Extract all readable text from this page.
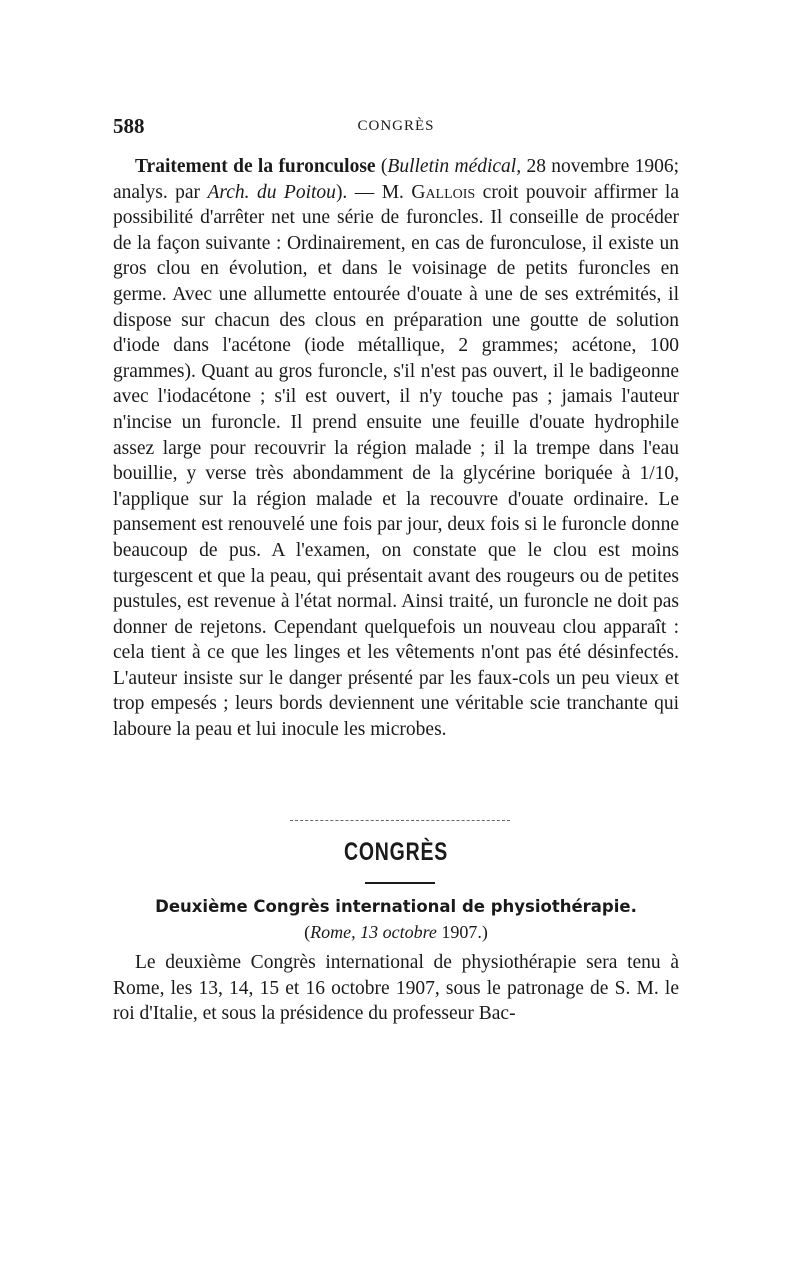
588	CONGRÈS

Traitement de la furonculose (Bulletin médical, 28 novembre 1906; analys. par Arch. du Poitou). — M. Gallois croit pouvoir affirmer la possibilité d'arrêter net une série de furoncles. Il conseille de procéder de la façon suivante : Ordinairement, en cas de furonculose, il existe un gros clou en évolution, et dans le voisinage de petits furoncles en germe. Avec une allumette entourée d'ouate à une de ses extrémités, il dispose sur chacun des clous en préparation une goutte de solution d'iode dans l'acétone (iode métallique, 2 grammes; acétone, 100 grammes). Quant au gros furoncle, s'il n'est pas ouvert, il le badigeonne avec l'iodacétone ; s'il est ouvert, il n'y touche pas ; jamais l'auteur n'incise un furoncle. Il prend ensuite une feuille d'ouate hydrophile assez large pour recouvrir la région malade ; il la trempe dans l'eau bouillie, y verse très abondamment de la glycérine boriquée à 1/10, l'applique sur la région malade et la recouvre d'ouate ordinaire. Le pansement est renouvelé une fois par jour, deux fois si le furoncle donne beaucoup de pus. A l'examen, on constate que le clou est moins turgescent et que la peau, qui présentait avant des rougeurs ou de petites pustules, est revenue à l'état normal. Ainsi traité, un furoncle ne doit pas donner de rejetons. Cependant quelquefois un nouveau clou apparaît : cela tient à ce que les linges et les vêtements n'ont pas été désinfectés. L'auteur insiste sur le danger présenté par les faux-cols un peu vieux et trop empesés ; leurs bords deviennent une véritable scie tranchante qui laboure la peau et lui inocule les microbes.

CONGRÈS
Deuxième Congrès international de physiothérapie.
(Rome, 13 octobre 1907.)

Le deuxième Congrès international de physiothérapie sera tenu à Rome, les 13, 14, 15 et 16 octobre 1907, sous le patronage de S. M. le roi d'Italie, et sous la présidence du professeur Bac-
